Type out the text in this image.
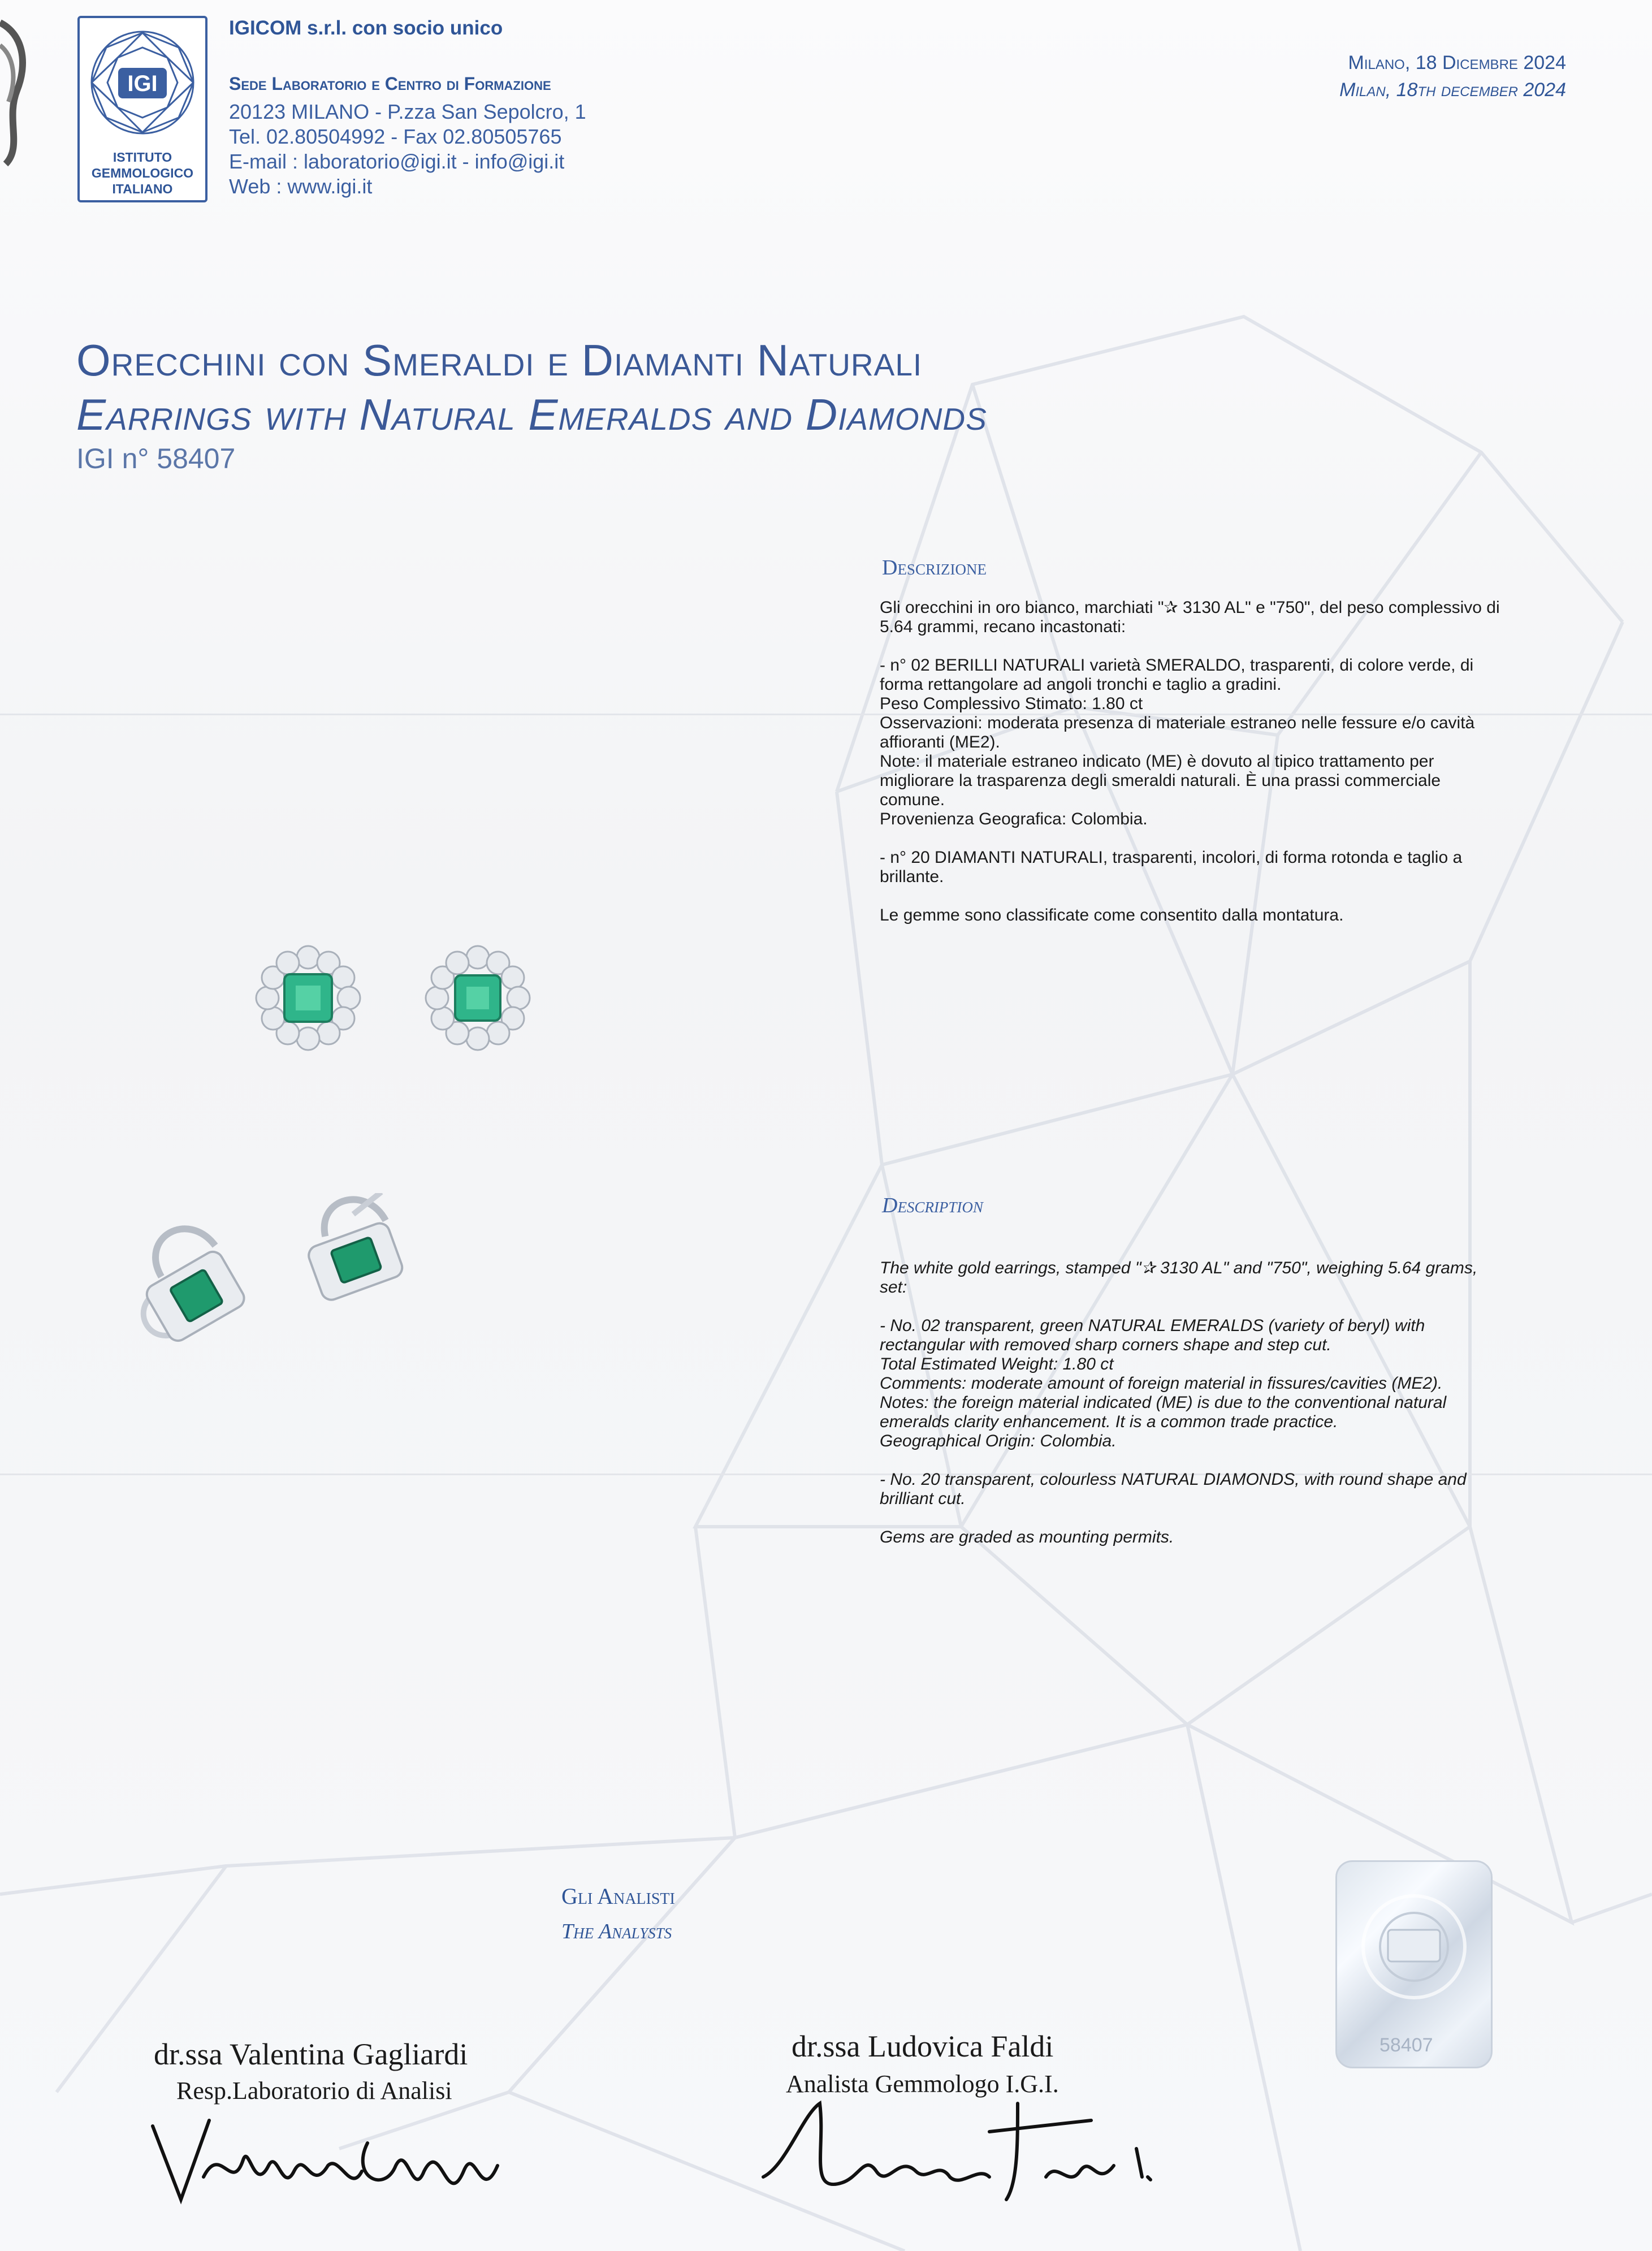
IGI
ISTITUTO
GEMMOLOGICO
ITALIANO
IGICOM s.r.l. con socio unico
Sede Laboratorio e Centro di Formazione
20123 MILANO - P.zza San Sepolcro, 1
Tel. 02.80504992 - Fax 02.80505765
E-mail : laboratorio@igi.it - info@igi.it
Web : www.igi.it
Milano, 18 Dicembre 2024
Milan, 18th december 2024
Orecchini con Smeraldi e Diamanti Naturali
Earrings with Natural Emeralds and Diamonds
IGI n° 58407
Descrizione

Gli orecchini in oro bianco, marchiati "✰ 3130 AL" e "750", del peso complessivo di

5.64 grammi, recano incastonati:

- n° 02 BERILLI NATURALI varietà SMERALDO, trasparenti, di colore verde, di

forma rettangolare ad angoli tronchi e taglio a gradini.

Peso Complessivo Stimato: 1.80 ct

Osservazioni: moderata presenza di materiale estraneo nelle fessure e/o cavità

affioranti (ME2).

Note: il materiale estraneo indicato (ME) è dovuto al tipico trattamento per

migliorare la trasparenza degli smeraldi naturali. È una prassi commerciale

comune.

Provenienza Geografica: Colombia.

- n° 20 DIAMANTI NATURALI, trasparenti, incolori, di forma rotonda e taglio a

brillante.

Le gemme sono classificate come consentito dalla montatura.

Description

The white gold earrings, stamped "✰ 3130 AL" and "750", weighing 5.64 grams,

set:

- No. 02 transparent, green NATURAL EMERALDS (variety of beryl) with

rectangular with removed sharp corners shape and step cut.

Total Estimated Weight: 1.80 ct

Comments: moderate amount of foreign material in fissures/cavities (ME2).

Notes: the foreign material indicated (ME) is due to the conventional natural

emeralds clarity enhancement. It is a common trade practice.

Geographical Origin: Colombia.

- No. 20 transparent, colourless NATURAL DIAMONDS, with round shape and

brilliant cut.

Gems are graded as mounting permits.

Gli Analisti
The Analysts
dr.ssa Valentina Gagliardi
Resp.Laboratorio di Analisi
dr.ssa Ludovica Faldi
Analista Gemmologo I.G.I.
58407
